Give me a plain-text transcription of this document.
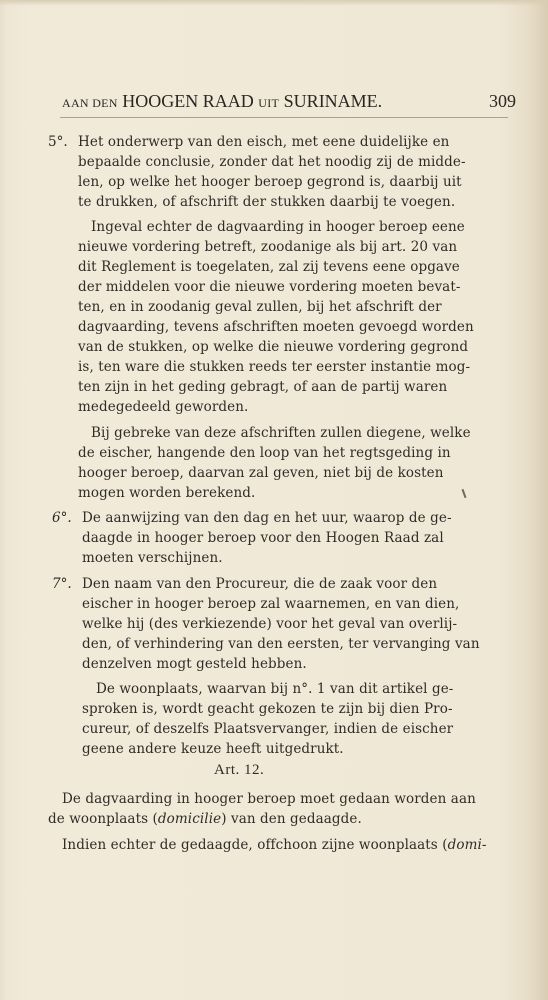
AAN DEN HOOGEN RAAD UIT SURINAME.	309
5°. Het onderwerp van den eisch, met eene duidelijke en
bepaalde conclusie, zonder dat het noodig zij de midde-
len, op welke het hooger beroep gegrond is, daarbij uit
te drukken, of afschrift der stukken daarbij te voegen.
Ingeval echter de dagvaarding in hooger beroep eene
nieuwe vordering betreft, zoodanige als bij art. 20 van
dit Reglement is toegelaten, zal zij tevens eene opgave
der middelen voor die nieuwe vordering moeten bevat-
ten, en in zoodanig geval zullen, bij het afschrift der
dagvaarding, tevens afschriften moeten gevoegd worden
van de stukken, op welke die nieuwe vordering gegrond
is, ten ware die stukken reeds ter eerster instantie mog-
ten zijn in het geding gebragt, of aan de partij waren
medegedeeld geworden.
Bij gebreke van deze afschriften zullen diegene, welke
de eischer, hangende den loop van het regtsgeding in
hooger beroep, daarvan zal geven, niet bij de kosten
mogen worden berekend.
6°. De aanwijzing van den dag en het uur, waarop de ge-
daagde in hooger beroep voor den Hoogen Raad zal
moeten verschijnen.
7°. Den naam van den Procureur, die de zaak voor den
eischer in hooger beroep zal waarnemen, en van dien,
welke hij (des verkiezende) voor het geval van overlij-
den, of verhindering van den eersten, ter vervanging van
denzelven mogt gesteld hebben.
De woonplaats, waarvan bij n°. 1 van dit artikel ge-
sproken is, wordt geacht gekozen te zijn bij dien Pro-
cureur, of deszelfs Plaatsvervanger, indien de eischer
geene andere keuze heeft uitgedrukt.
Art. 12.
De dagvaarding in hooger beroep moet gedaan worden aan
de woonplaats (domicilie) van den gedaagde.
Indien echter de gedaagde, offchoon zijne woonplaats (domi-
